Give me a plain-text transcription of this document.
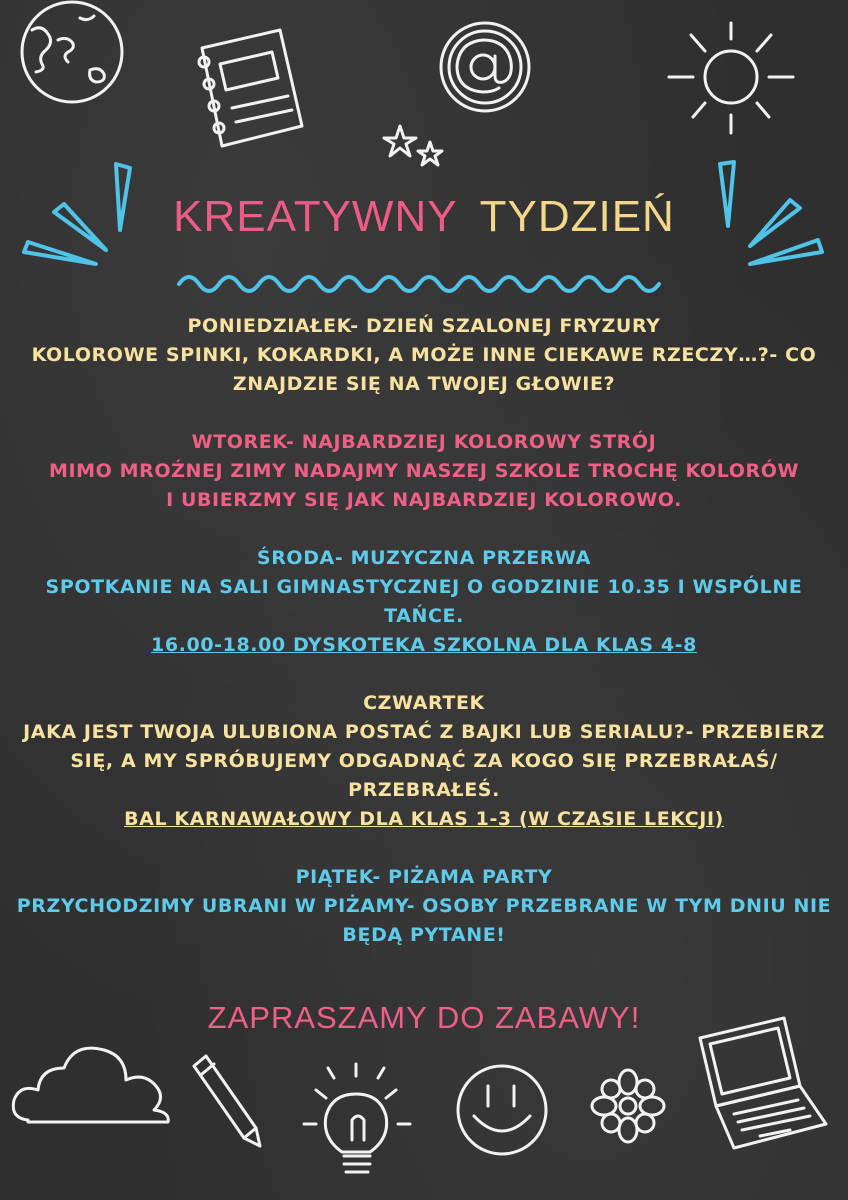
KREATYWNY TYDZIEŃ
PONIEDZIAŁEK- DZIEŃ SZALONEJ FRYZURY
KOLOROWE SPINKI, KOKARDKI, A MOŻE INNE CIEKAWE RZECZY…?- CO
ZNAJDZIE SIĘ NA TWOJEJ GŁOWIE?
WTOREK- NAJBARDZIEJ KOLOROWY STRÓJ
MIMO MROŹNEJ ZIMY NADAJMY NASZEJ SZKOLE TROCHĘ KOLORÓW
I UBIERZMY SIĘ JAK NAJBARDZIEJ KOLOROWO.
ŚRODA- MUZYCZNA PRZERWA
SPOTKANIE NA SALI GIMNASTYCZNEJ O GODZINIE 10.35 I WSPÓLNE
TAŃCE.
16.00-18.00 DYSKOTEKA SZKOLNA DLA KLAS 4-8
CZWARTEK
JAKA JEST TWOJA ULUBIONA POSTAĆ Z BAJKI LUB SERIALU?- PRZEBIERZ
SIĘ, A MY SPRÓBUJEMY ODGADNĄĆ ZA KOGO SIĘ PRZEBRAŁAŚ/
PRZEBRAŁEŚ.
BAL KARNAWAŁOWY DLA KLAS 1-3 (W CZASIE LEKCJI)
PIĄTEK- PIŻAMA PARTY
PRZYCHODZIMY UBRANI W PIŻAMY- OSOBY PRZEBRANE W TYM DNIU NIE
BĘDĄ PYTANE!
ZAPRASZAMY DO ZABAWY!
